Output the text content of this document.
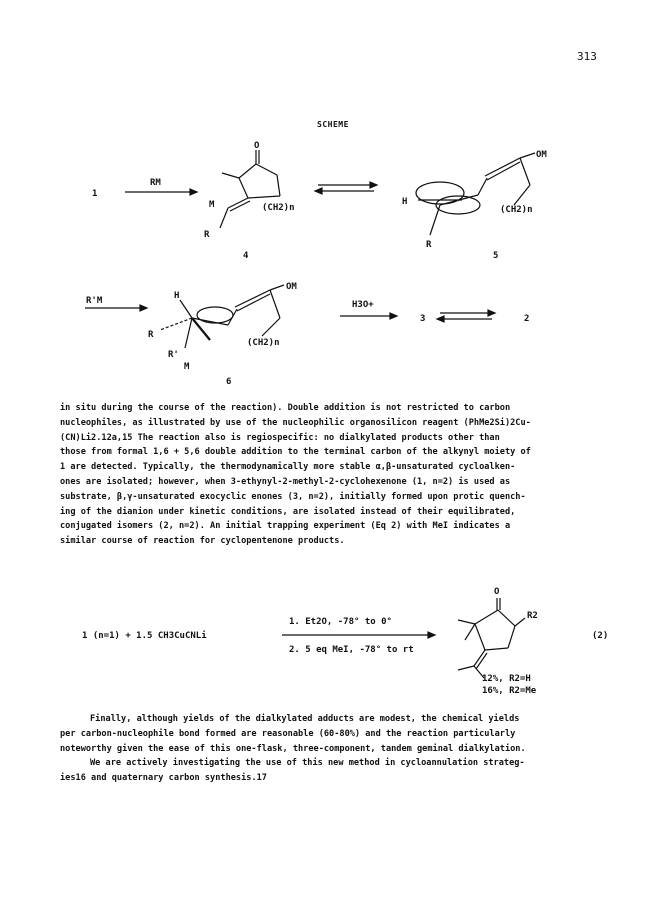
313
SCHEME
1
RM
O
M	(CH2)n
R
4
OM
H
(CH2)n
R
5
R'M	H
OM
R
R'
(CH2)n
M
6
H3O+
3	2

in situ during the course of the reaction). Double addition is not restricted to carbon

nucleophiles, as illustrated by use of the nucleophilic organosilicon reagent (PhMe2Si)2Cu-

(CN)Li2.12a,15 The reaction also is regiospecific: no dialkylated products other than

those from formal 1,6 + 5,6 double addition to the terminal carbon of the alkynyl moiety of

1 are detected. Typically, the thermodynamically more stable α,β-unsaturated cycloalken-

ones are isolated; however, when 3-ethynyl-2-methyl-2-cyclohexenone (1, n=2) is used as

substrate, β,γ-unsaturated exocyclic enones (3, n=2), initially formed upon protic quench-

ing of the dianion under kinetic conditions, are isolated instead of their equilibrated,

conjugated isomers (2, n=2). An initial trapping experiment (Eq 2) with MeI indicates a

similar course of reaction for cyclopentenone products.

1 (n=1) + 1.5 CH3CuCNLi
1. Et2O, -78° to 0°
2. 5 eq MeI, -78° to rt
O
R2
12%, R2=H
16%, R2=Me
(2)

Finally, although yields of the dialkylated adducts are modest, the chemical yields

per carbon-nucleophile bond formed are reasonable (60-80%) and the reaction particularly

noteworthy given the ease of this one-flask, three-component, tandem geminal dialkylation.

We are actively investigating the use of this new method in cycloannulation strateg-

ies16 and quaternary carbon synthesis.17
